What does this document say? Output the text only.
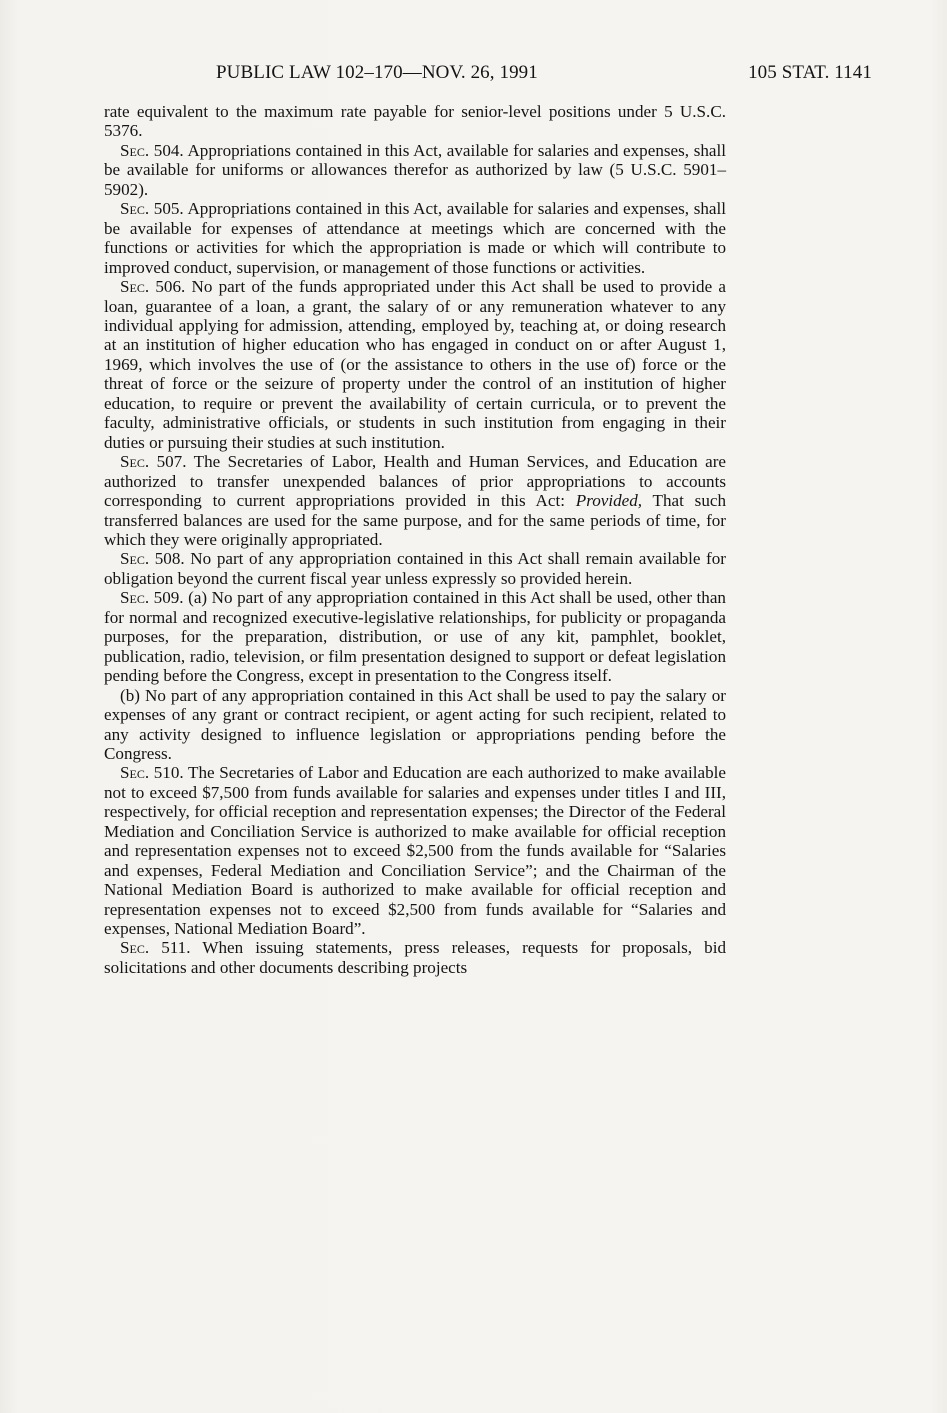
PUBLIC LAW 102–170—NOV. 26, 1991	105 STAT. 1141

rate equivalent to the maximum rate payable for senior-level positions under 5 U.S.C. 5376.

Sec. 504. Appropriations contained in this Act, available for salaries and expenses, shall be available for uniforms or allowances therefor as authorized by law (5 U.S.C. 5901–5902).

Sec. 505. Appropriations contained in this Act, available for salaries and expenses, shall be available for expenses of attendance at meetings which are concerned with the functions or activities for which the appropriation is made or which will contribute to improved conduct, supervision, or management of those functions or activities.

Sec. 506. No part of the funds appropriated under this Act shall be used to provide a loan, guarantee of a loan, a grant, the salary of or any remuneration whatever to any individual applying for admission, attending, employed by, teaching at, or doing research at an institution of higher education who has engaged in conduct on or after August 1, 1969, which involves the use of (or the assistance to others in the use of) force or the threat of force or the seizure of property under the control of an institution of higher education, to require or prevent the availability of certain curricula, or to prevent the faculty, administrative officials, or students in such institution from engaging in their duties or pursuing their studies at such institution.

Sec. 507. The Secretaries of Labor, Health and Human Services, and Education are authorized to transfer unexpended balances of prior appropriations to accounts corresponding to current appropriations provided in this Act: Provided, That such transferred balances are used for the same purpose, and for the same periods of time, for which they were originally appropriated.

Sec. 508. No part of any appropriation contained in this Act shall remain available for obligation beyond the current fiscal year unless expressly so provided herein.

Sec. 509. (a) No part of any appropriation contained in this Act shall be used, other than for normal and recognized executive-legislative relationships, for publicity or propaganda purposes, for the preparation, distribution, or use of any kit, pamphlet, booklet, publication, radio, television, or film presentation designed to support or defeat legislation pending before the Congress, except in presentation to the Congress itself.

(b) No part of any appropriation contained in this Act shall be used to pay the salary or expenses of any grant or contract recipient, or agent acting for such recipient, related to any activity designed to influence legislation or appropriations pending before the Congress.

Sec. 510. The Secretaries of Labor and Education are each authorized to make available not to exceed $7,500 from funds available for salaries and expenses under titles I and III, respectively, for official reception and representation expenses; the Director of the Federal Mediation and Conciliation Service is authorized to make available for official reception and representation expenses not to exceed $2,500 from the funds available for “Salaries and expenses, Federal Mediation and Conciliation Service”; and the Chairman of the National Mediation Board is authorized to make available for official reception and representation expenses not to exceed $2,500 from funds available for “Salaries and expenses, National Mediation Board”.

Sec. 511. When issuing statements, press releases, requests for proposals, bid solicitations and other documents describing projects
